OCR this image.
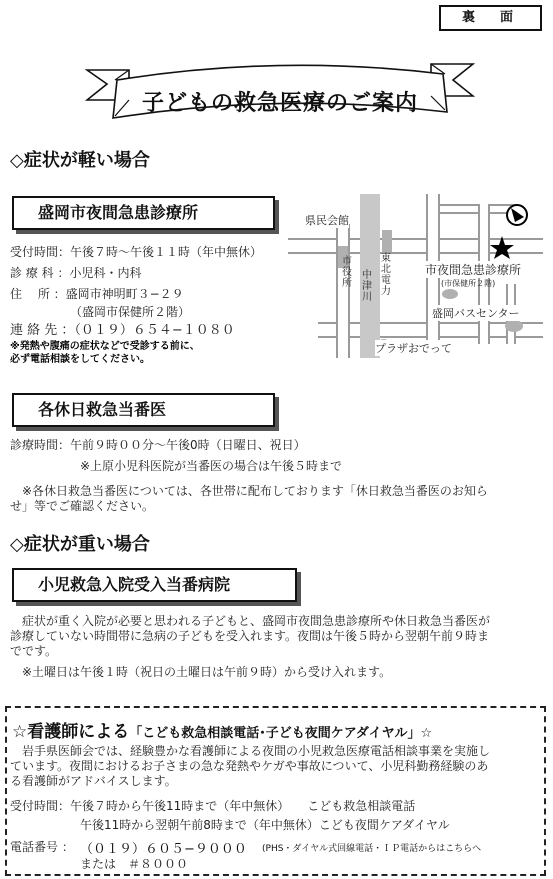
裏　面
子どもの救急医療のご案内
◇症状が軽い場合
盛岡市夜間急患診療所
受付時間：午後７時〜午後１１時（年中無休）
診 療 科 ：小児科・内科
住　 所 ：盛岡市神明町３−２９
（盛岡市保健所２階）
連 絡 先 ：（０１９）６５４−１０８０
※発熱や腹痛の症状などで受診する前に、
必ず電話相談をしてください。
県民会館
市役所
東北電力
中津川
市夜間急患診療所
(市保健所２階)
盛岡バスセンター
プラザおでって
各休日救急当番医
診療時間：午前９時００分〜午後0時（日曜日、祝日）
※上原小児科医院が当番医の場合は午後５時まで
※各休日救急当番医については、各世帯に配布しております「休日救急当番医のお知ら
せ」等でご確認ください。
◇症状が重い場合
小児救急入院受入当番病院
症状が重く入院が必要と思われる子どもと、盛岡市夜間急患診療所や休日救急当番医が
診療していない時間帯に急病の子どもを受入れます。夜間は午後５時から翌朝午前９時ま
でです。
※土曜日は午後１時（祝日の土曜日は午前９時）から受け入れます。
☆看護師による「こども救急相談電話･子ども夜間ケアダイヤル」☆
岩手県医師会では、経験豊かな看護師による夜間の小児救急医療電話相談事業を実施し
ています。夜間におけるお子さまの急な発熱やケガや事故について、小児科勤務経験のあ
る看護師がアドバイスします。
受付時間：午後７時から午後11時まで（年中無休）　　こども救急相談電話
午後11時から翌朝午前8時まで（年中無休）こども夜間ケアダイヤル
電話番号 ： （０１９）６０５−９０００ (PHS・ダイヤル式回線電話・ＩＰ電話からはこちらへ
または　＃８０００
